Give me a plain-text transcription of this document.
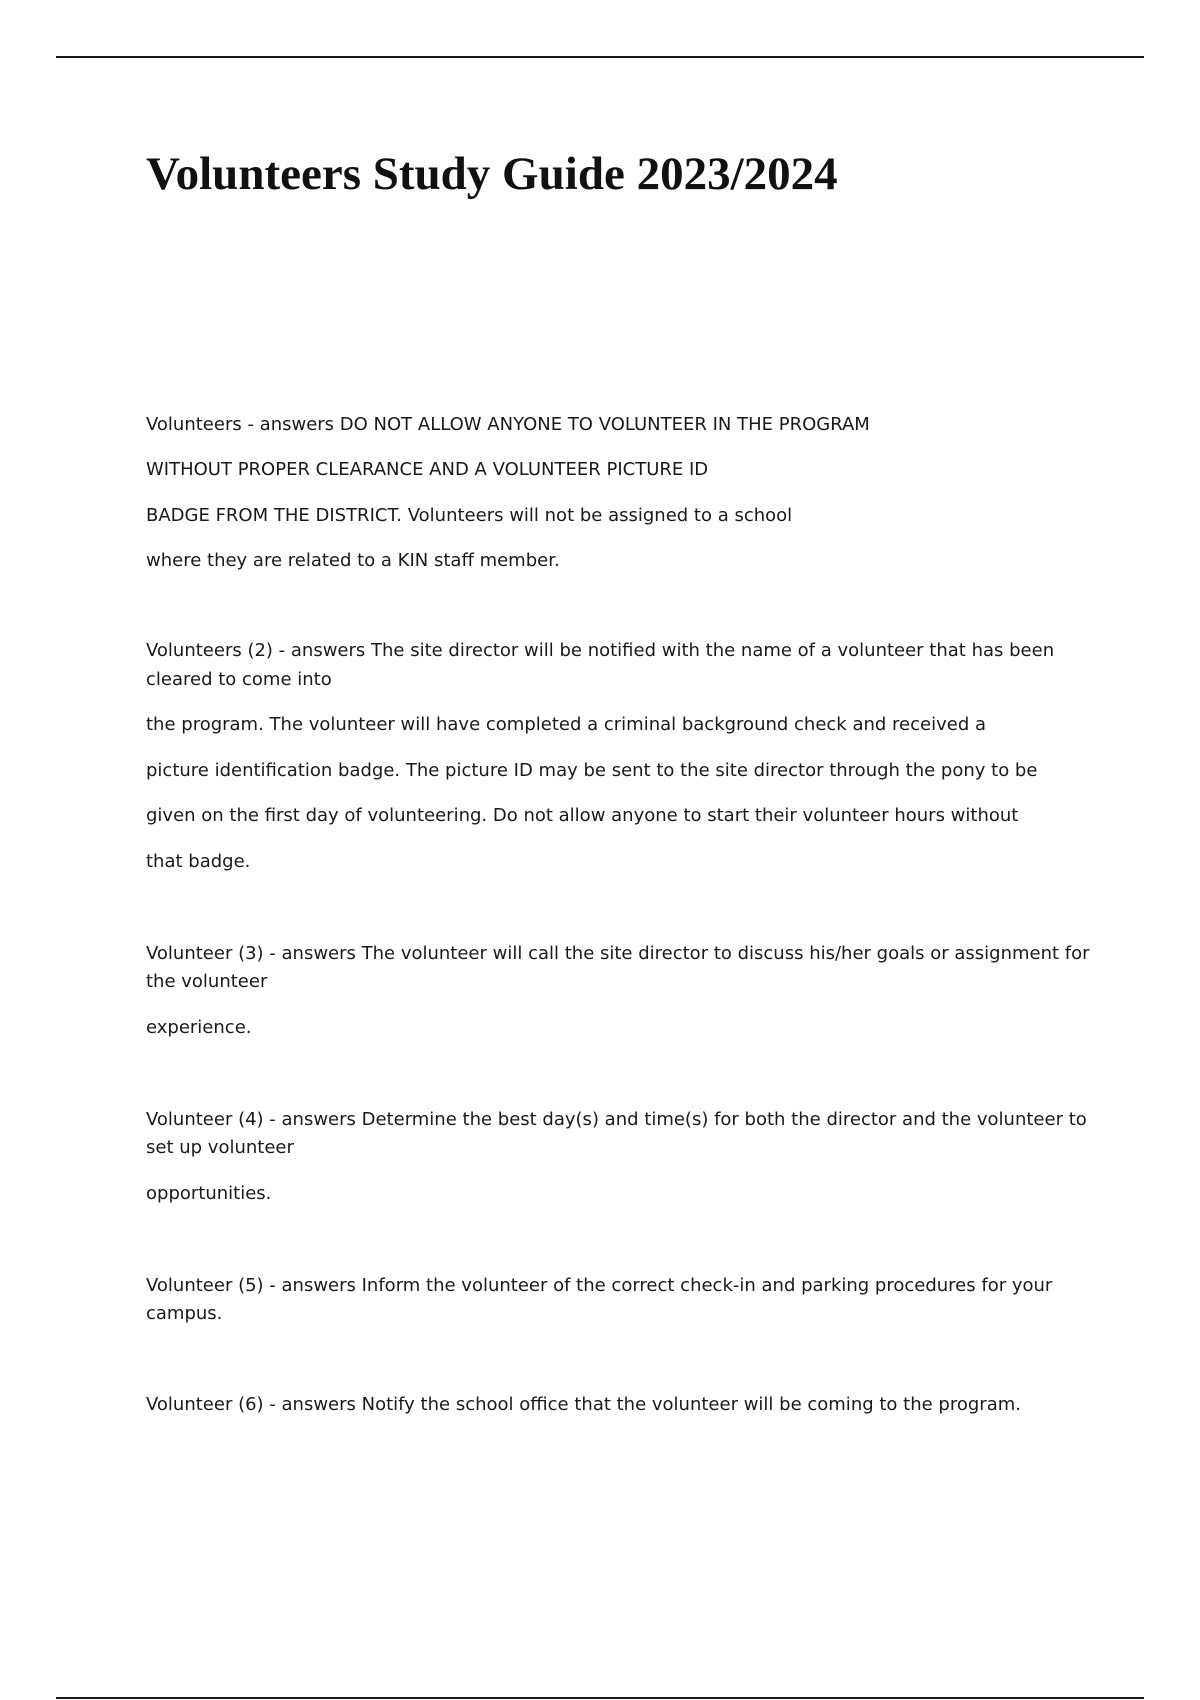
Volunteers Study Guide 2023/2024

Volunteers - answers DO NOT ALLOW ANYONE TO VOLUNTEER IN THE PROGRAM

WITHOUT PROPER CLEARANCE AND A VOLUNTEER PICTURE ID

BADGE FROM THE DISTRICT. Volunteers will not be assigned to a school

where they are related to a KIN staff member.

Volunteers (2) - answers The site director will be notified with the name of a volunteer that has been

cleared to come into

the program. The volunteer will have completed a criminal background check and received a

picture identification badge. The picture ID may be sent to the site director through the pony to be

given on the first day of volunteering. Do not allow anyone to start their volunteer hours without

that badge.

Volunteer (3) - answers The volunteer will call the site director to discuss his/her goals or assignment for

the volunteer

experience.

Volunteer (4) - answers Determine the best day(s) and time(s) for both the director and the volunteer to

set up volunteer

opportunities.

Volunteer (5) - answers Inform the volunteer of the correct check-in and parking procedures for your

campus.

Volunteer (6) - answers Notify the school office that the volunteer will be coming to the program.
